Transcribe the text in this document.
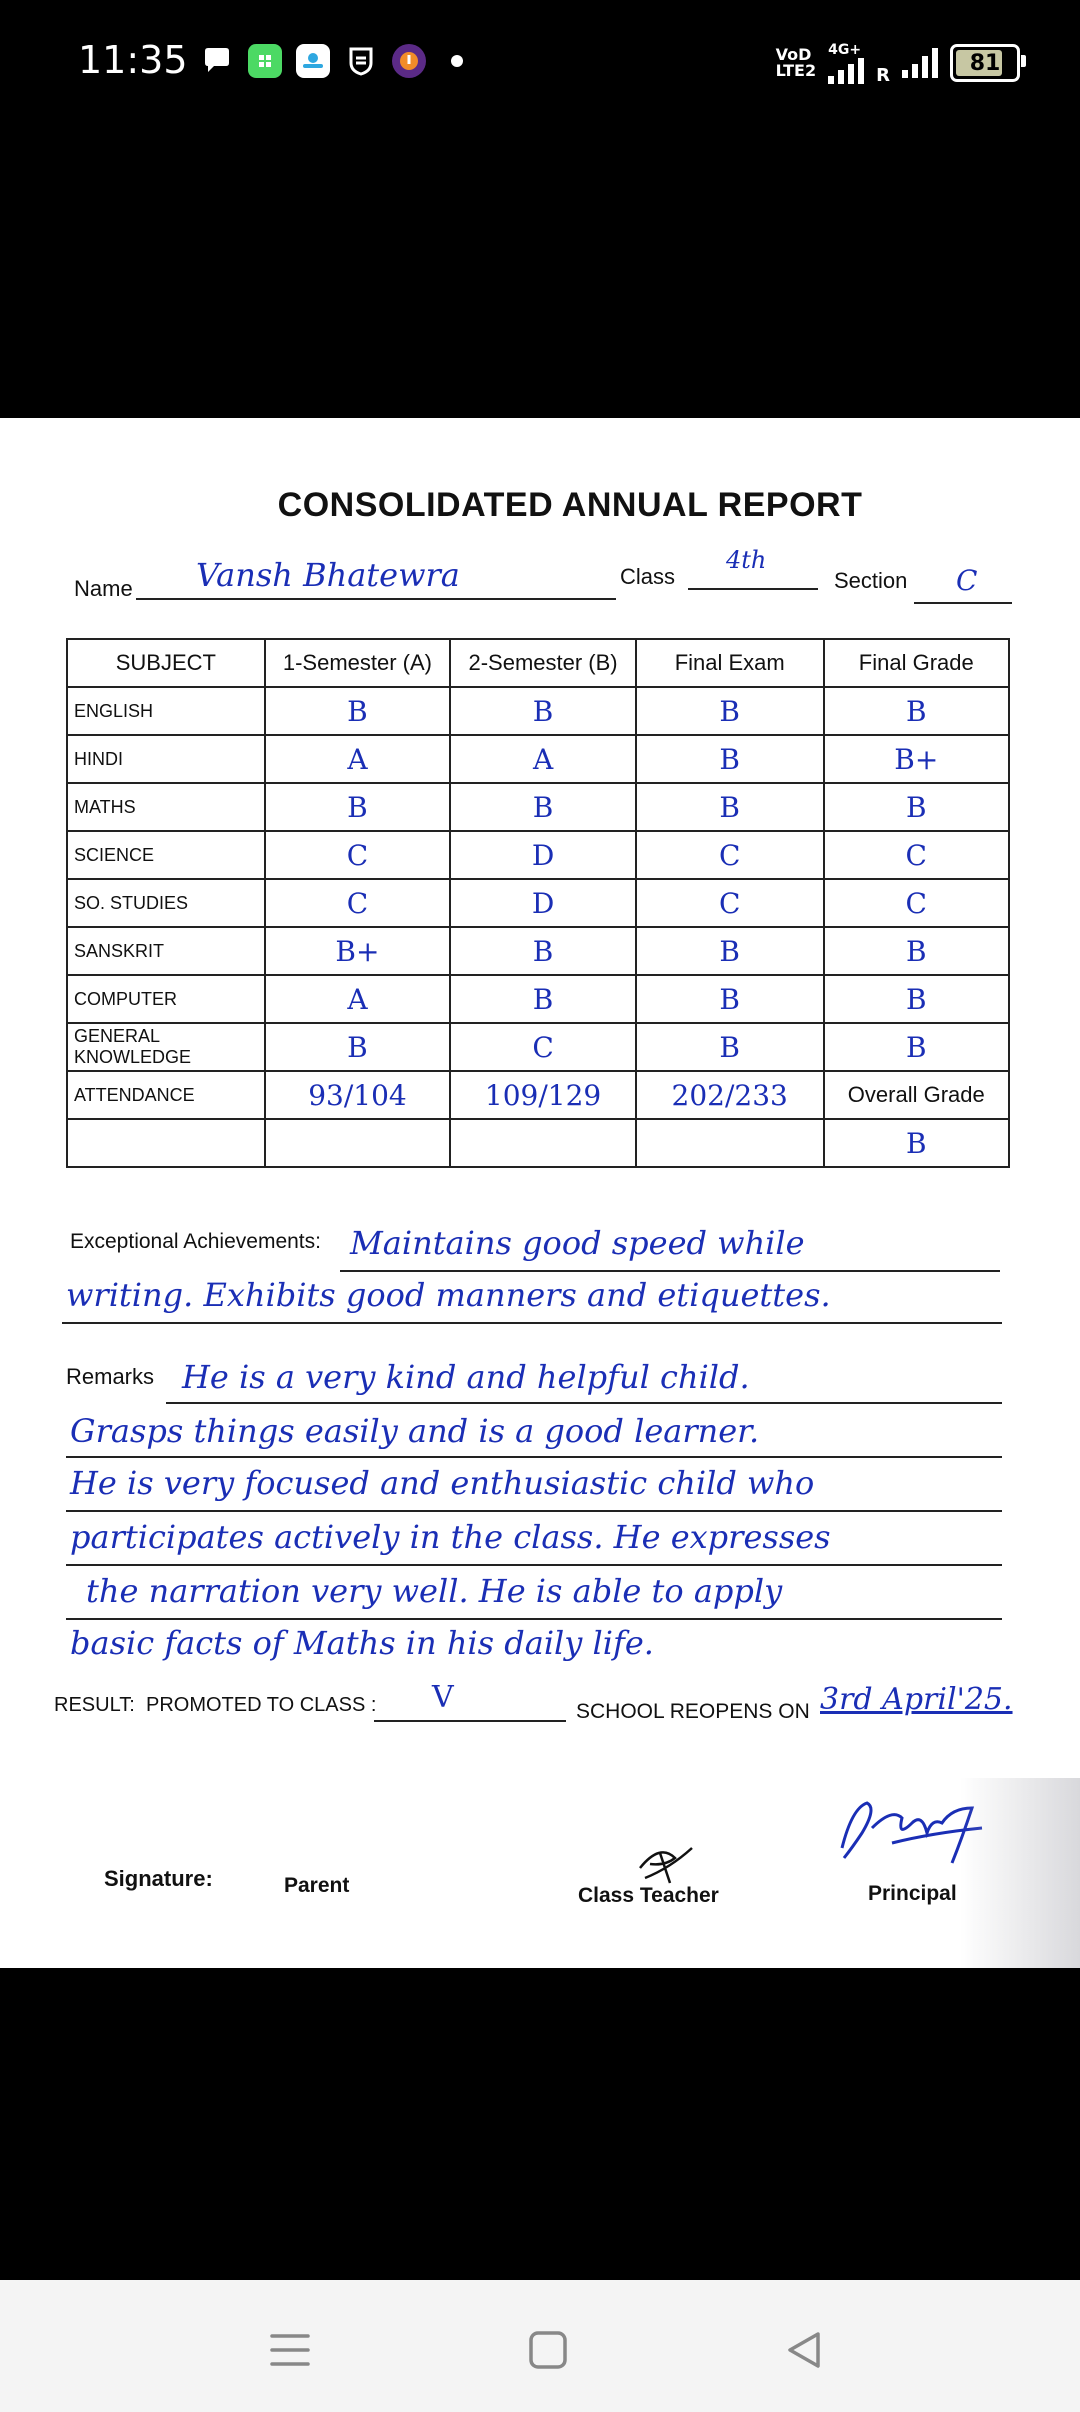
11:35	VoD
LTE2
4G+
R	81
CONSOLIDATED ANNUAL REPORT
Name Vansh Bhatewra	Class
4th
Section C
SUBJECT	1-Semester (A)	2-Semester (B)	Final Exam	Final Grade
ENGLISH	B	B	B	B
HINDI	A	A	B	B+
MATHS	B	B	B	B
SCIENCE	C	D	C	C
SO. STUDIES	C	D	C	C
SANSKRIT	B+	B	B	B
COMPUTER	A	B	B	B
GENERAL KNOWLEDGE	B	C	B	B
ATTENDANCE	93/104	109/129	202/233	Overall Grade
				B
Exceptional Achievements: Maintains good speed while
writing. Exhibits good manners and etiquettes.
Remarks He is a very kind and helpful child.
Grasps things easily and is a good learner.
He is very focused and enthusiastic child who
participates actively in the class. He expresses
the narration very well. He is able to apply
basic facts of Maths in his daily life.
RESULT: PROMOTED TO CLASS : V	SCHOOL REOPENS ON 3rd April'25.
Signature:	Parent	Class Teacher	Principal
